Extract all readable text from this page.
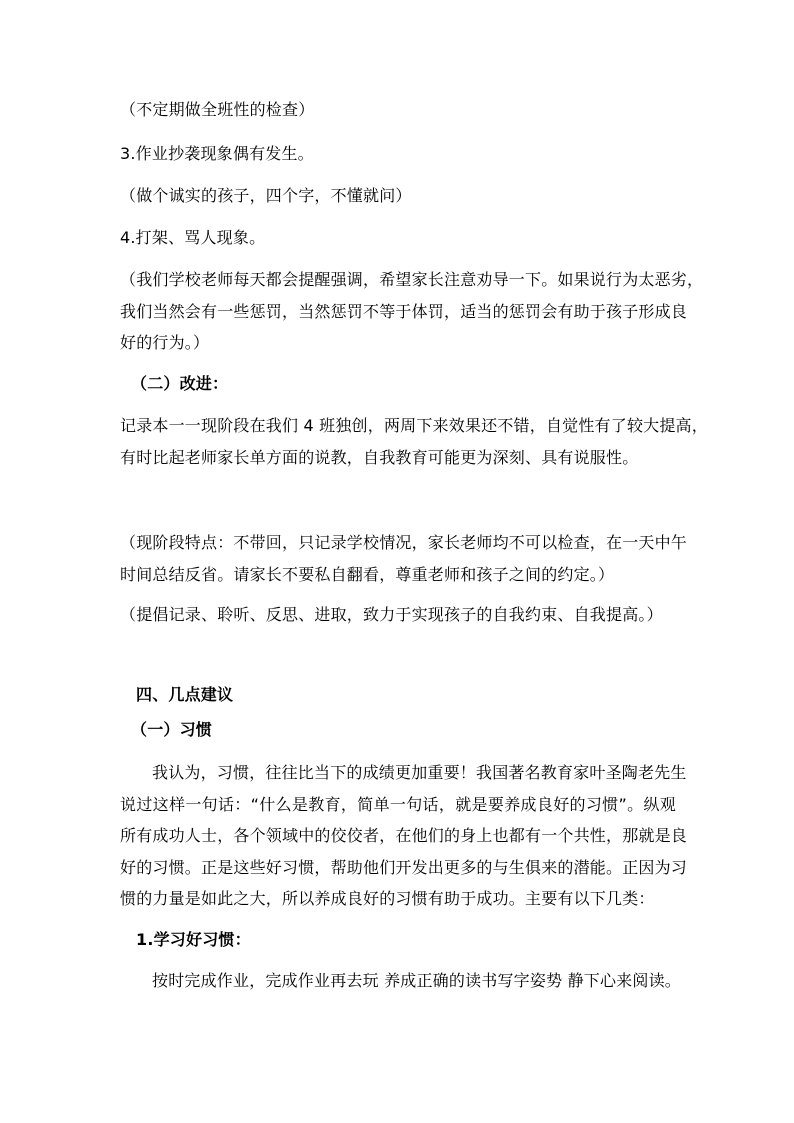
（不定期做全班性的检查）

3.作业抄袭现象偶有发生。

（做个诚实的孩子，四个字，不懂就问）

4.打架、骂人现象。

（我们学校老师每天都会提醒强调，希望家长注意劝导一下。如果说行为太恶劣，

我们当然会有一些惩罚，当然惩罚不等于体罚，适当的惩罚会有助于孩子形成良

好的行为。）

（二）改进：

记录本一一现阶段在我们 4 班独创，两周下来效果还不错，自觉性有了较大提高，

有时比起老师家长单方面的说教，自我教育可能更为深刻、具有说服性。

（现阶段特点：不带回，只记录学校情况，家长老师均不可以检查，在一天中午

时间总结反省。请家长不要私自翻看，尊重老师和孩子之间的约定。）

（提倡记录、聆听、反思、进取，致力于实现孩子的自我约束、自我提高。）

四、几点建议

（一）习惯

我认为，习惯，往往比当下的成绩更加重要！我国著名教育家叶圣陶老先生

说过这样一句话：“什么是教育，简单一句话，就是要养成良好的习惯”。纵观

所有成功人士，各个领域中的佼佼者，在他们的身上也都有一个共性，那就是良

好的习惯。正是这些好习惯，帮助他们开发出更多的与生俱来的潜能。正因为习

惯的力量是如此之大，所以养成良好的习惯有助于成功。主要有以下几类：

1.学习好习惯：

按时完成作业，完成作业再去玩 养成正确的读书写字姿势 静下心来阅读。
